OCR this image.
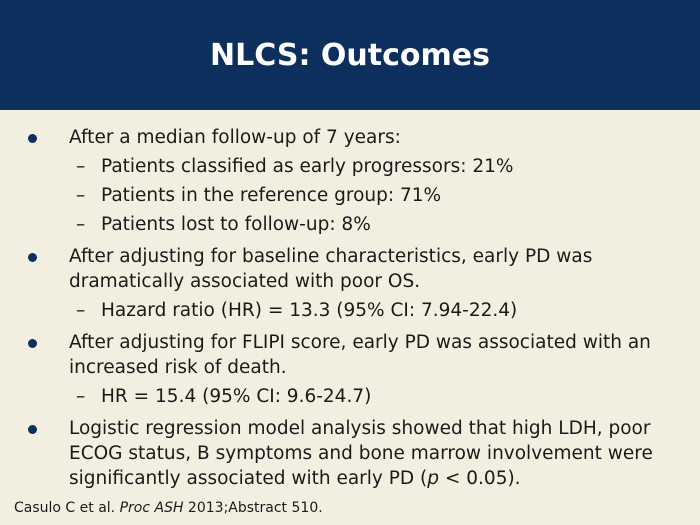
NLCS: Outcomes
After a median follow-up of 7 years:
– Patients classified as early progressors: 21%
– Patients in the reference group: 71%
– Patients lost to follow-up: 8%
After adjusting for baseline characteristics, early PD was dramatically associated with poor OS.
– Hazard ratio (HR) = 13.3 (95% CI: 7.94-22.4)
After adjusting for FLIPI score, early PD was associated with an increased risk of death.
– HR = 15.4 (95% CI: 9.6-24.7)
Logistic regression model analysis showed that high LDH, poor ECOG status, B symptoms and bone marrow involvement were significantly associated with early PD (p < 0.05).
Casulo C et al. Proc ASH 2013;Abstract 510.
